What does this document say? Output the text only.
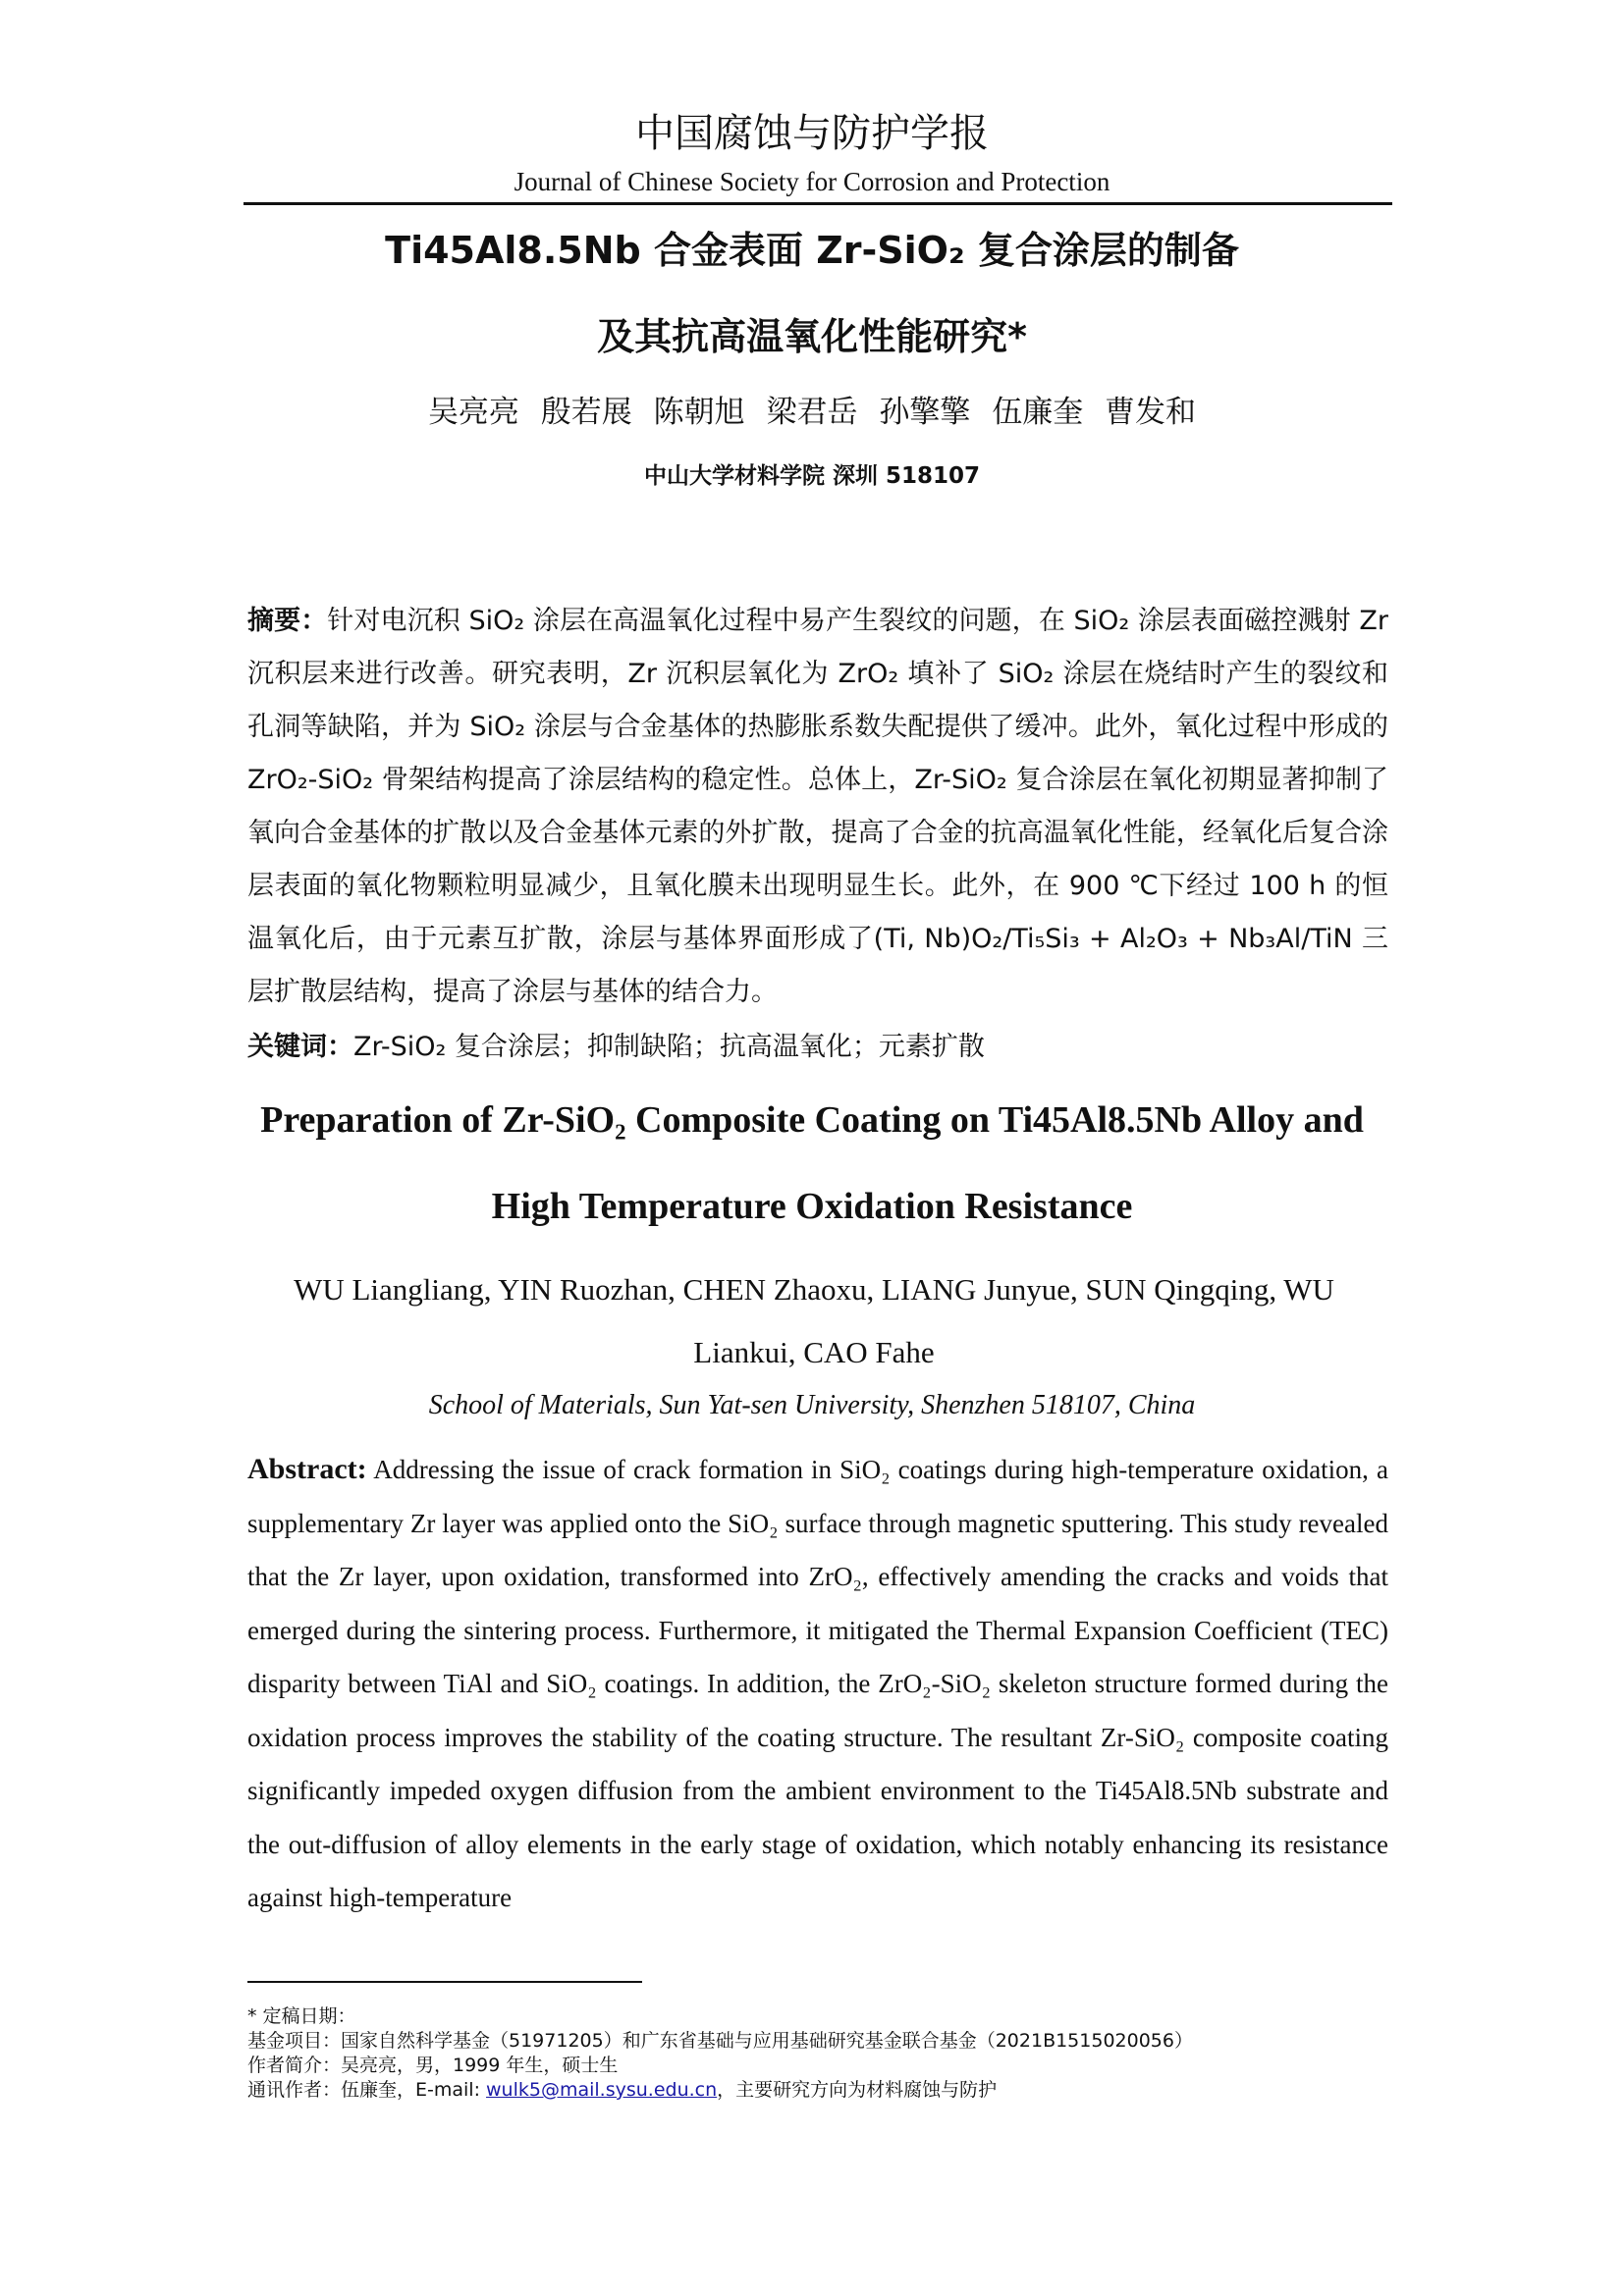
中国腐蚀与防护学报
Journal of Chinese Society for Corrosion and Protection
Ti45Al8.5Nb 合金表面 Zr-SiO₂ 复合涂层的制备
及其抗高温氧化性能研究*
吴亮亮 殷若展 陈朝旭 梁君岳 孙擎擎 伍廉奎 曹发和
中山大学材料学院 深圳 518107
摘要：针对电沉积 SiO₂ 涂层在高温氧化过程中易产生裂纹的问题，在 SiO₂ 涂层表面磁控溅射 Zr 沉积层来进行改善。研究表明，Zr 沉积层氧化为 ZrO₂ 填补了 SiO₂ 涂层在烧结时产生的裂纹和孔洞等缺陷，并为 SiO₂ 涂层与合金基体的热膨胀系数失配提供了缓冲。此外，氧化过程中形成的 ZrO₂-SiO₂ 骨架结构提高了涂层结构的稳定性。总体上，Zr-SiO₂ 复合涂层在氧化初期显著抑制了氧向合金基体的扩散以及合金基体元素的外扩散，提高了合金的抗高温氧化性能，经氧化后复合涂层表面的氧化物颗粒明显减少，且氧化膜未出现明显生长。此外，在 900 ℃下经过 100 h 的恒温氧化后，由于元素互扩散，涂层与基体界面形成了(Ti, Nb)O₂/Ti₅Si₃ + Al₂O₃ + Nb₃Al/TiN 三层扩散层结构，提高了涂层与基体的结合力。
关键词：Zr-SiO₂ 复合涂层；抑制缺陷；抗高温氧化；元素扩散
Preparation of Zr-SiO₂ Composite Coating on Ti45Al8.5Nb Alloy and
High Temperature Oxidation Resistance
WU Liangliang, YIN Ruozhan, CHEN Zhaoxu, LIANG Junyue, SUN Qingqing, WU Liankui, CAO Fahe
School of Materials, Sun Yat-sen University, Shenzhen 518107, China
Abstract: Addressing the issue of crack formation in SiO₂ coatings during high-temperature oxidation, a supplementary Zr layer was applied onto the SiO₂ surface through magnetic sputtering. This study revealed that the Zr layer, upon oxidation, transformed into ZrO₂, effectively amending the cracks and voids that emerged during the sintering process. Furthermore, it mitigated the Thermal Expansion Coefficient (TEC) disparity between TiAl and SiO₂ coatings. In addition, the ZrO₂-SiO₂ skeleton structure formed during the oxidation process improves the stability of the coating structure. The resultant Zr-SiO₂ composite coating significantly impeded oxygen diffusion from the ambient environment to the Ti45Al8.5Nb substrate and the out-diffusion of alloy elements in the early stage of oxidation, which notably enhancing its resistance against high-temperature
* 定稿日期：
基金项目：国家自然科学基金（51971205）和广东省基础与应用基础研究基金联合基金（2021B1515020056）
作者简介：吴亮亮，男，1999 年生，硕士生
通讯作者：伍廉奎，E-mail: wulk5@mail.sysu.edu.cn，主要研究方向为材料腐蚀与防护
